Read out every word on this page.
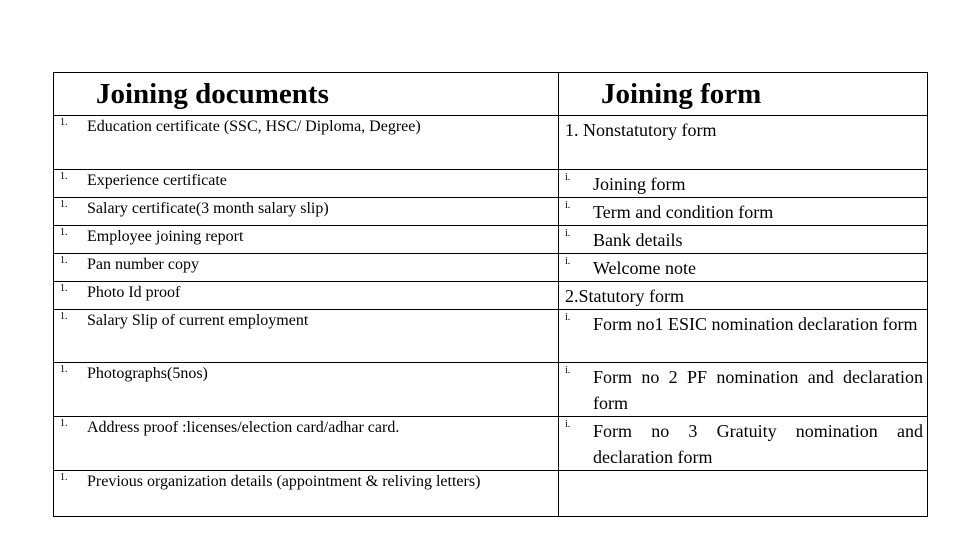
Joining documents	Joining form

1. Education certificate (SSC, HSC/ Diploma, Degree)	1. Nonstatutory form

1. Experience certificate	i. Joining form

1. Salary certificate(3 month salary slip)	i. Term and condition form

1. Employee joining report	i. Bank details

1. Pan number copy	i. Welcome note

1. Photo Id proof	2.Statutory form

1. Salary Slip of current employment	i. Form no1 ESIC nomination declaration form

1. Photographs(5nos)	i. Form no 2 PF nomination and declaration form

1. Address proof :licenses/election card/adhar card.	i. Form no 3 Gratuity nomination and declaration form

1. Previous organization details (appointment & reliving letters)	
